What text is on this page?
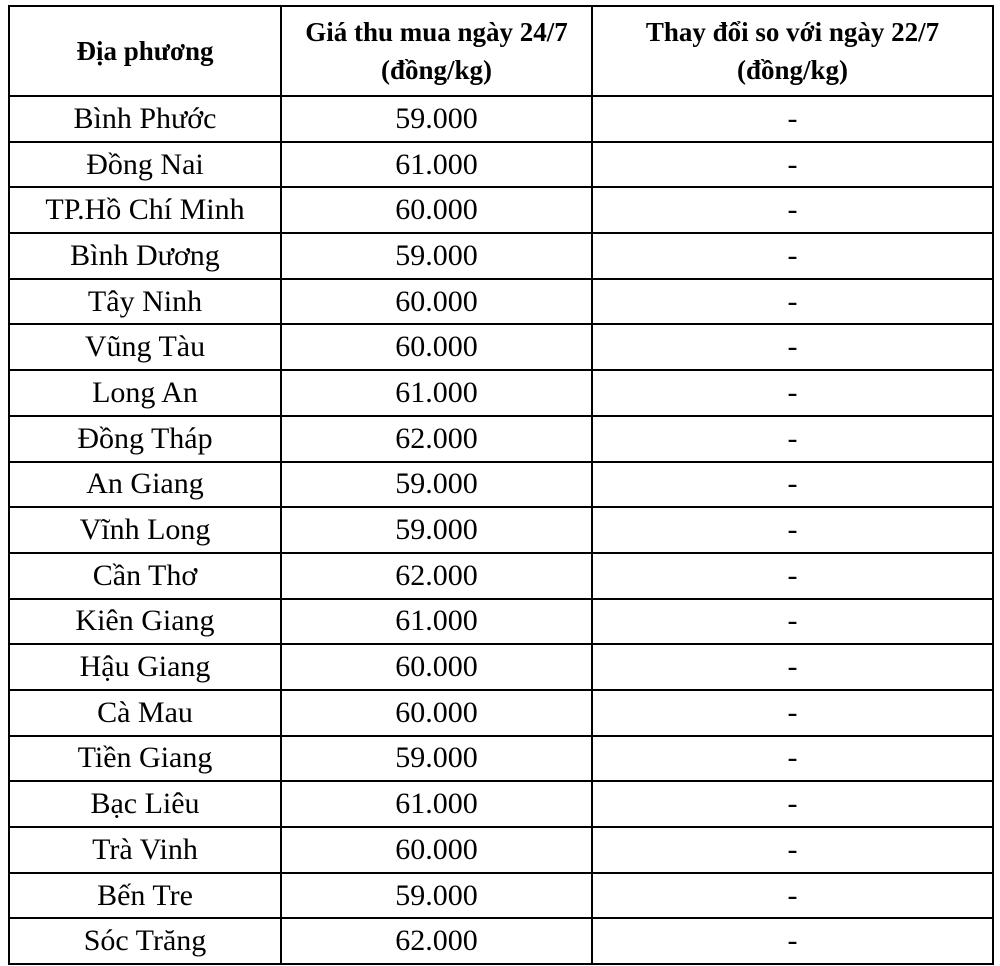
Địa phương	Giá thu mua ngày 24/7 (đồng/kg)	Thay đổi so với ngày 22/7 (đồng/kg)
Bình Phước	59.000	-
Đồng Nai	61.000	-
TP.Hồ Chí Minh	60.000	-
Bình Dương	59.000	-
Tây Ninh	60.000	-
Vũng Tàu	60.000	-
Long An	61.000	-
Đồng Tháp	62.000	-
An Giang	59.000	-
Vĩnh Long	59.000	-
Cần Thơ	62.000	-
Kiên Giang	61.000	-
Hậu Giang	60.000	-
Cà Mau	60.000	-
Tiền Giang	59.000	-
Bạc Liêu	61.000	-
Trà Vinh	60.000	-
Bến Tre	59.000	-
Sóc Trăng	62.000	-
